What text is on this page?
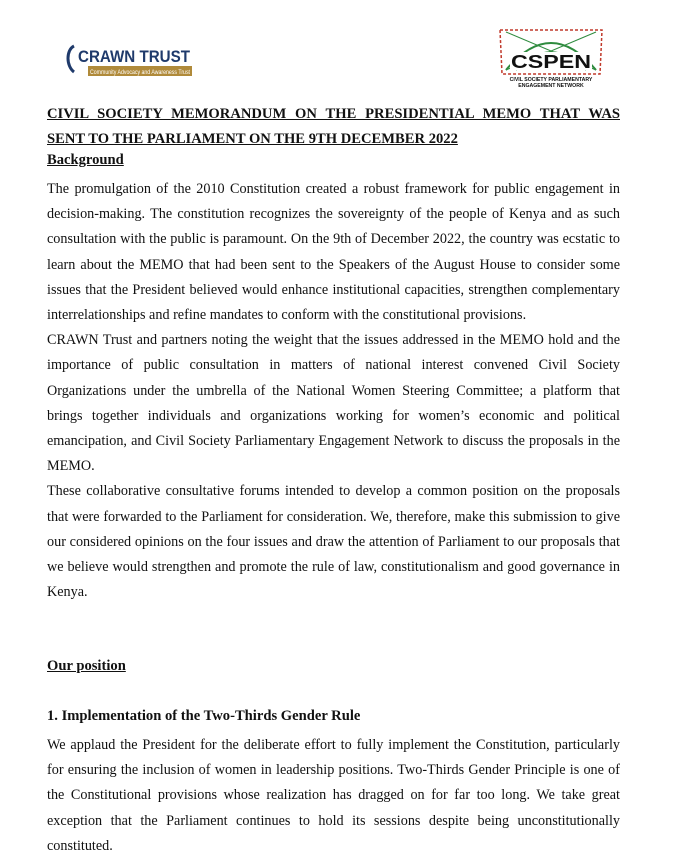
CRAWN TRUST
Community Advocacy and Awareness Trust
CSPEN
CIVIL SOCIETY PARLIAMENTARY
ENGAGEMENT NETWORK
CIVIL SOCIETY MEMORANDUM ON THE PRESIDENTIAL MEMO THAT WAS
SENT TO THE PARLIAMENT ON THE 9TH DECEMBER 2022
Background

The promulgation of the 2010 Constitution created a robust framework for public engagement in decision-making. The constitution recognizes the sovereignty of the people of Kenya and as such consultation with the public is paramount. On the 9th of December 2022, the country was ecstatic to learn about the MEMO that had been sent to the Speakers of the August House to consider some issues that the President believed would enhance institutional capacities, strengthen complementary interrelationships and refine mandates to conform with the constitutional provisions.

CRAWN Trust and partners noting the weight that the issues addressed in the MEMO hold and the importance of public consultation in matters of national interest convened Civil Society Organizations under the umbrella of the National Women Steering Committee; a platform that brings together individuals and organizations working for women’s economic and political emancipation, and Civil Society Parliamentary Engagement Network to discuss the proposals in the MEMO.

These collaborative consultative forums intended to develop a common position on the proposals that were forwarded to the Parliament for consideration. We, therefore, make this submission to give our considered opinions on the four issues and draw the attention of Parliament to our proposals that we believe would strengthen and promote the rule of law, constitutionalism and good governance in Kenya.

Our position
1. Implementation of the Two-Thirds Gender Rule

We applaud the President for the deliberate effort to fully implement the Constitution, particularly for ensuring the inclusion of women in leadership positions. Two-Thirds Gender Principle is one of the Constitutional provisions whose realization has dragged on for far too long. We take great exception that the Parliament continues to hold its sessions despite being unconstitutionally constituted.
